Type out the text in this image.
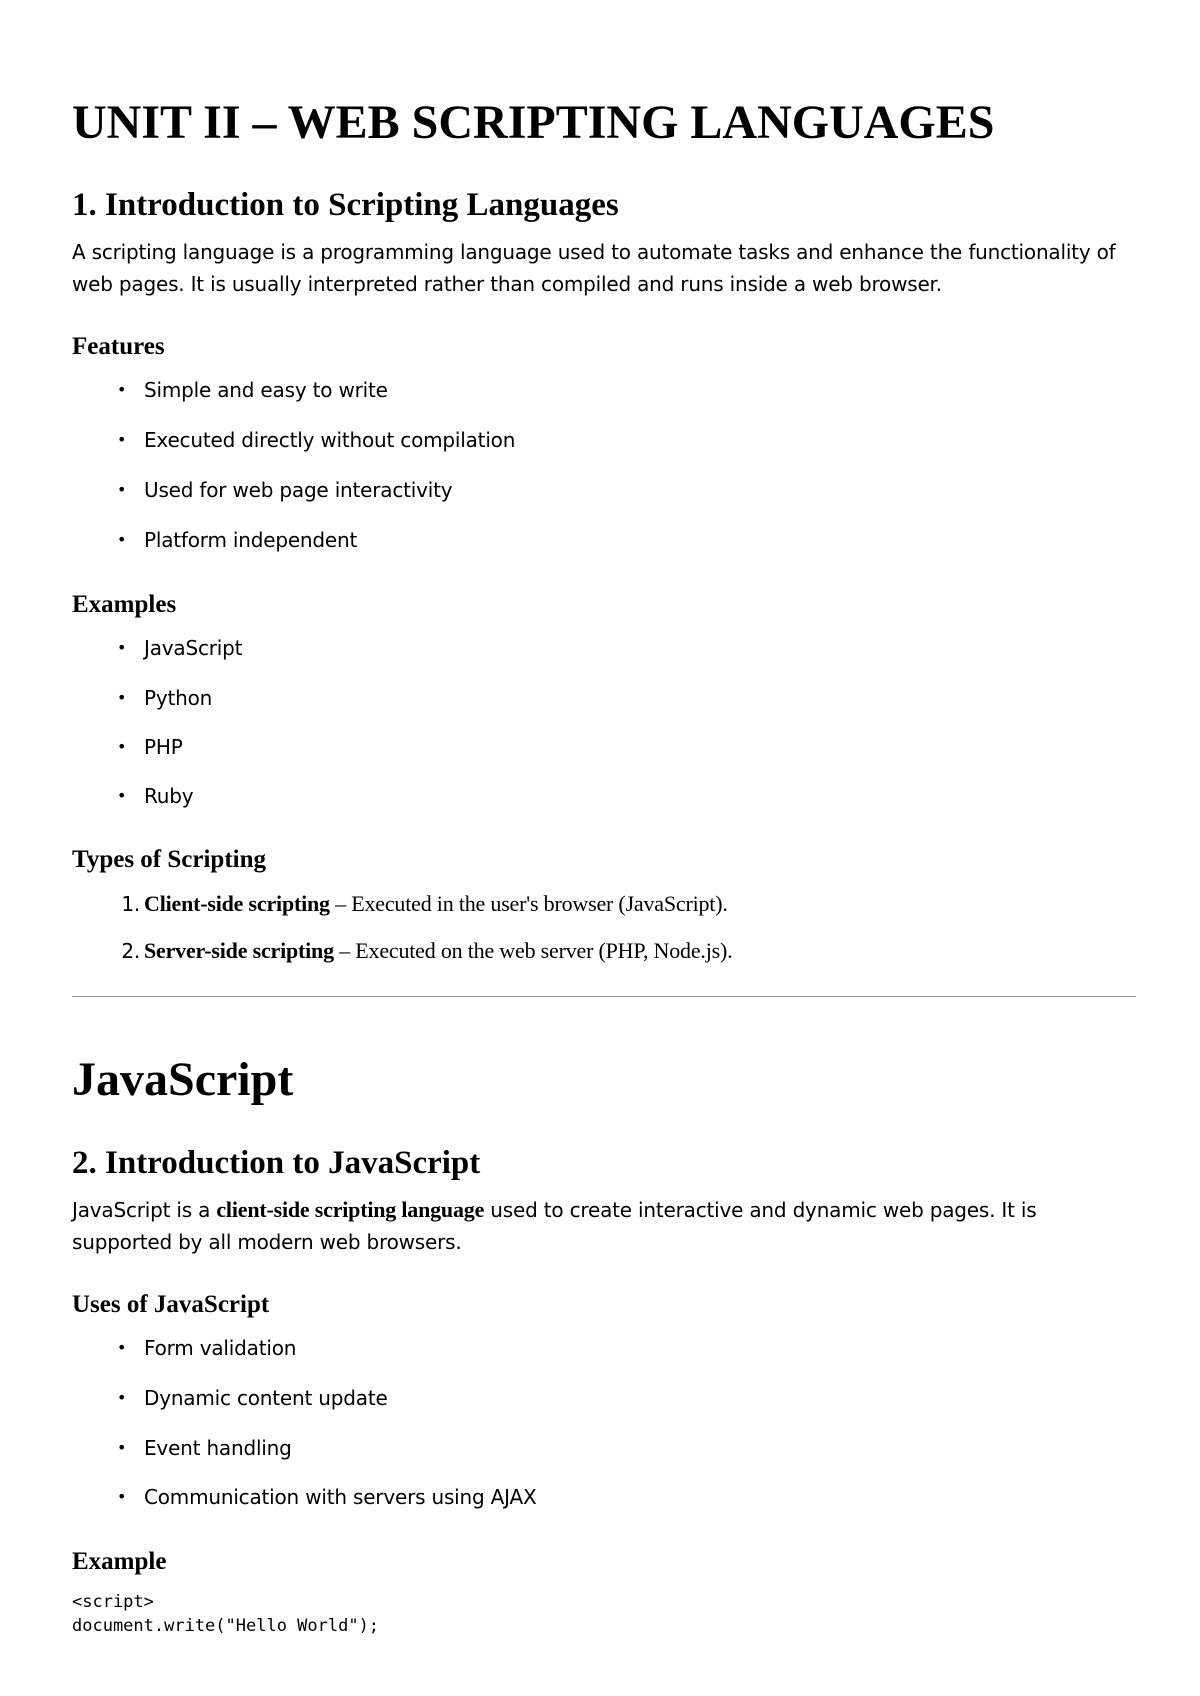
UNIT II – WEB SCRIPTING LANGUAGES
1. Introduction to Scripting Languages

A scripting language is a programming language used to automate tasks and enhance the functionality of web pages. It is usually interpreted rather than compiled and runs inside a web browser.

Features
• Simple and easy to write
• Executed directly without compilation
• Used for web page interactivity
• Platform independent
Examples
• JavaScript
• Python
• PHP
• Ruby
Types of Scripting
1. Client-side scripting – Executed in the user's browser (JavaScript).
2. Server-side scripting – Executed on the web server (PHP, Node.js).
JavaScript
2. Introduction to JavaScript

JavaScript is a client-side scripting language used to create interactive and dynamic web pages. It is supported by all modern web browsers.

Uses of JavaScript
• Form validation
• Dynamic content update
• Event handling
• Communication with servers using AJAX
Example
<script>
document.write("Hello World");
